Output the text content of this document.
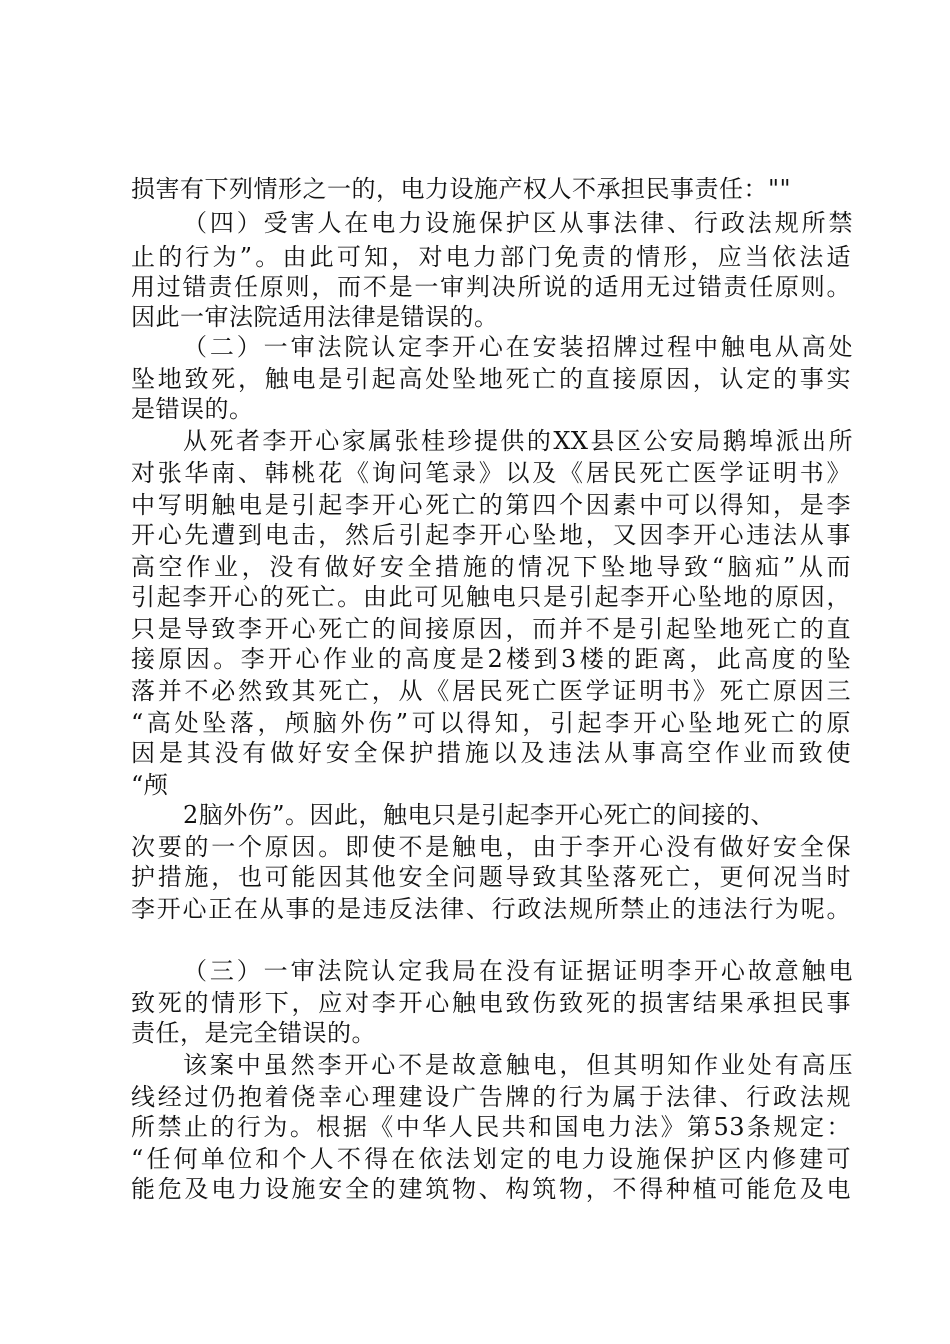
损害有下列情形之一的，电力设施产权人不承担民事责任：""
（四）受害人在电力设施保护区从事法律、行政法规所禁
止的行为”。由此可知，对电力部门免责的情形，应当依法适
用过错责任原则，而不是一审判决所说的适用无过错责任原则。
因此一审法院适用法律是错误的。
（二）一审法院认定李开心在安装招牌过程中触电从高处
坠地致死，触电是引起高处坠地死亡的直接原因，认定的事实
是错误的。
从死者李开心家属张桂珍提供的XX县区公安局鹅埠派出所
对张华南、韩桃花《询问笔录》以及《居民死亡医学证明书》
中写明触电是引起李开心死亡的第四个因素中可以得知，是李
开心先遭到电击，然后引起李开心坠地，又因李开心违法从事
高空作业，没有做好安全措施的情况下坠地导致“脑疝”从而
引起李开心的死亡。由此可见触电只是引起李开心坠地的原因，
只是导致李开心死亡的间接原因，而并不是引起坠地死亡的直
接原因。李开心作业的高度是2楼到3楼的距离，此高度的坠
落并不必然致其死亡，从《居民死亡医学证明书》死亡原因三
“高处坠落，颅脑外伤”可以得知，引起李开心坠地死亡的原
因是其没有做好安全保护措施以及违法从事高空作业而致使
“颅
2脑外伤”。因此，触电只是引起李开心死亡的间接的、
次要的一个原因。即使不是触电，由于李开心没有做好安全保
护措施，也可能因其他安全问题导致其坠落死亡，更何况当时
李开心正在从事的是违反法律、行政法规所禁止的违法行为呢。
（三）一审法院认定我局在没有证据证明李开心故意触电
致死的情形下，应对李开心触电致伤致死的损害结果承担民事
责任，是完全错误的。
该案中虽然李开心不是故意触电，但其明知作业处有高压
线经过仍抱着侥幸心理建设广告牌的行为属于法律、行政法规
所禁止的行为。根据《中华人民共和国电力法》第53条规定：
“任何单位和个人不得在依法划定的电力设施保护区内修建可
能危及电力设施安全的建筑物、构筑物，不得种植可能危及电
